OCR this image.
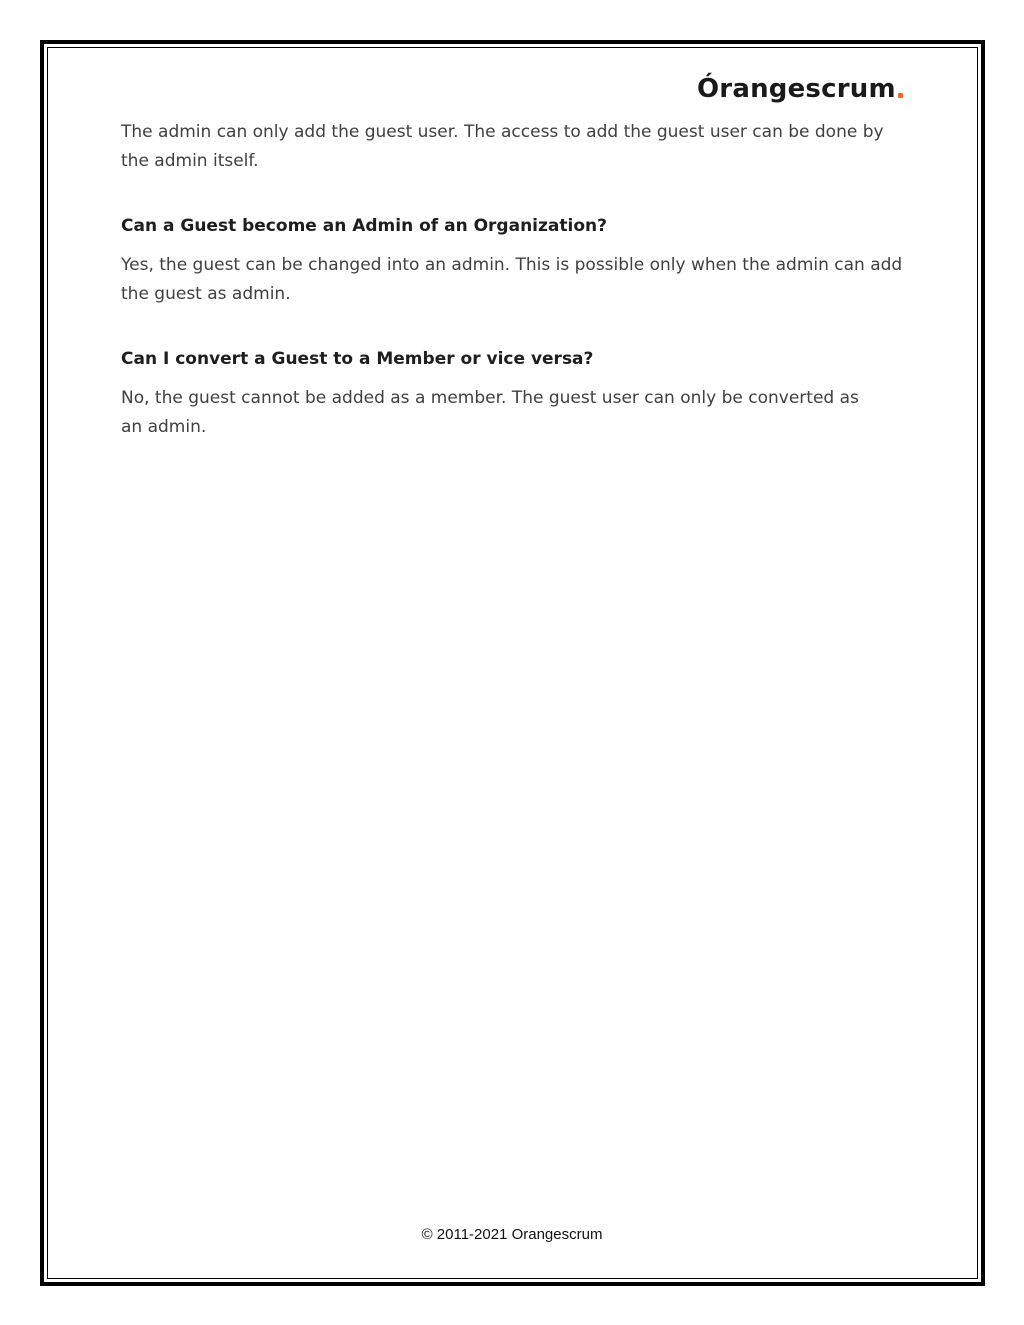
Órangescrum

The admin can only add the guest user. The access to add the guest user can be done by the admin itself.

Can a Guest become an Admin of an Organization?

Yes, the guest can be changed into an admin. This is possible only when the admin can add the guest as admin.

Can I convert a Guest to a Member or vice versa?

No, the guest cannot be added as a member. The guest user can only be converted as an admin.

© 2011-2021 Orangescrum
